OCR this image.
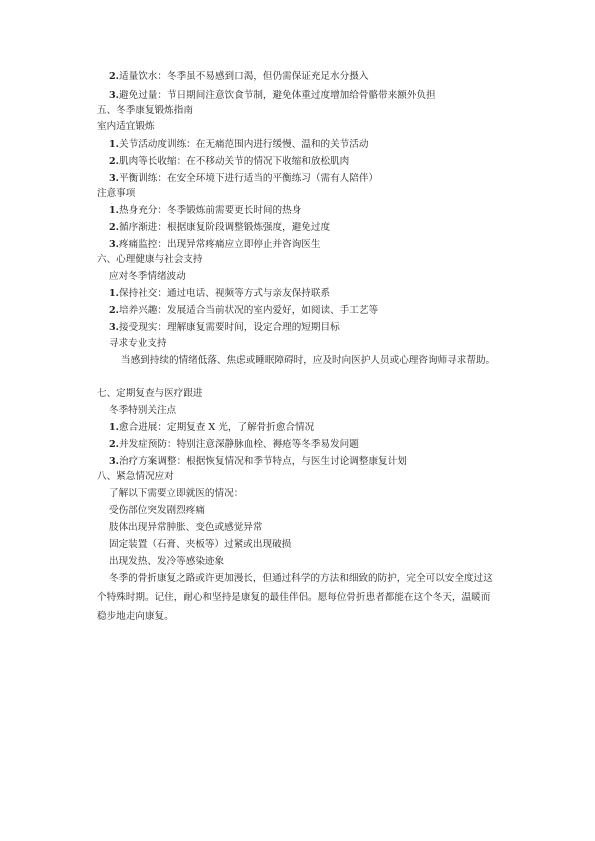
2.适量饮水：冬季虽不易感到口渴，但仍需保证充足水分摄入
3.避免过量：节日期间注意饮食节制，避免体重过度增加给骨骼带来额外负担
五、冬季康复锻炼指南
室内适宜锻炼
1.关节活动度训练：在无痛范围内进行缓慢、温和的关节活动
2.肌肉等长收缩：在不移动关节的情况下收缩和放松肌肉
3.平衡训练：在安全环境下进行适当的平衡练习（需有人陪伴）
注意事项
1.热身充分：冬季锻炼前需要更长时间的热身
2.循序渐进：根据康复阶段调整锻炼强度，避免过度
3.疼痛监控：出现异常疼痛应立即停止并咨询医生
六、心理健康与社会支持
应对冬季情绪波动
1.保持社交：通过电话、视频等方式与亲友保持联系
2.培养兴趣：发展适合当前状况的室内爱好，如阅读、手工艺等
3.接受现实：理解康复需要时间，设定合理的短期目标
寻求专业支持
当感到持续的情绪低落、焦虑或睡眠障碍时，应及时向医护人员或心理咨询师寻求帮助。
七、定期复查与医疗跟进
冬季特别关注点
1.愈合进展：定期复查 X 光，了解骨折愈合情况
2.并发症预防：特别注意深静脉血栓、褥疮等冬季易发问题
3.治疗方案调整：根据恢复情况和季节特点，与医生讨论调整康复计划
八、紧急情况应对
了解以下需要立即就医的情况：
受伤部位突发剧烈疼痛
肢体出现异常肿胀、变色或感觉异常
固定装置（石膏、夹板等）过紧或出现破损
出现发热、发冷等感染迹象
冬季的骨折康复之路或许更加漫长，但通过科学的方法和细致的防护，完全可以安全度过这个特殊时期。记住，耐心和坚持是康复的最佳伴侣。愿每位骨折患者都能在这个冬天，温暖而稳步地走向康复。
